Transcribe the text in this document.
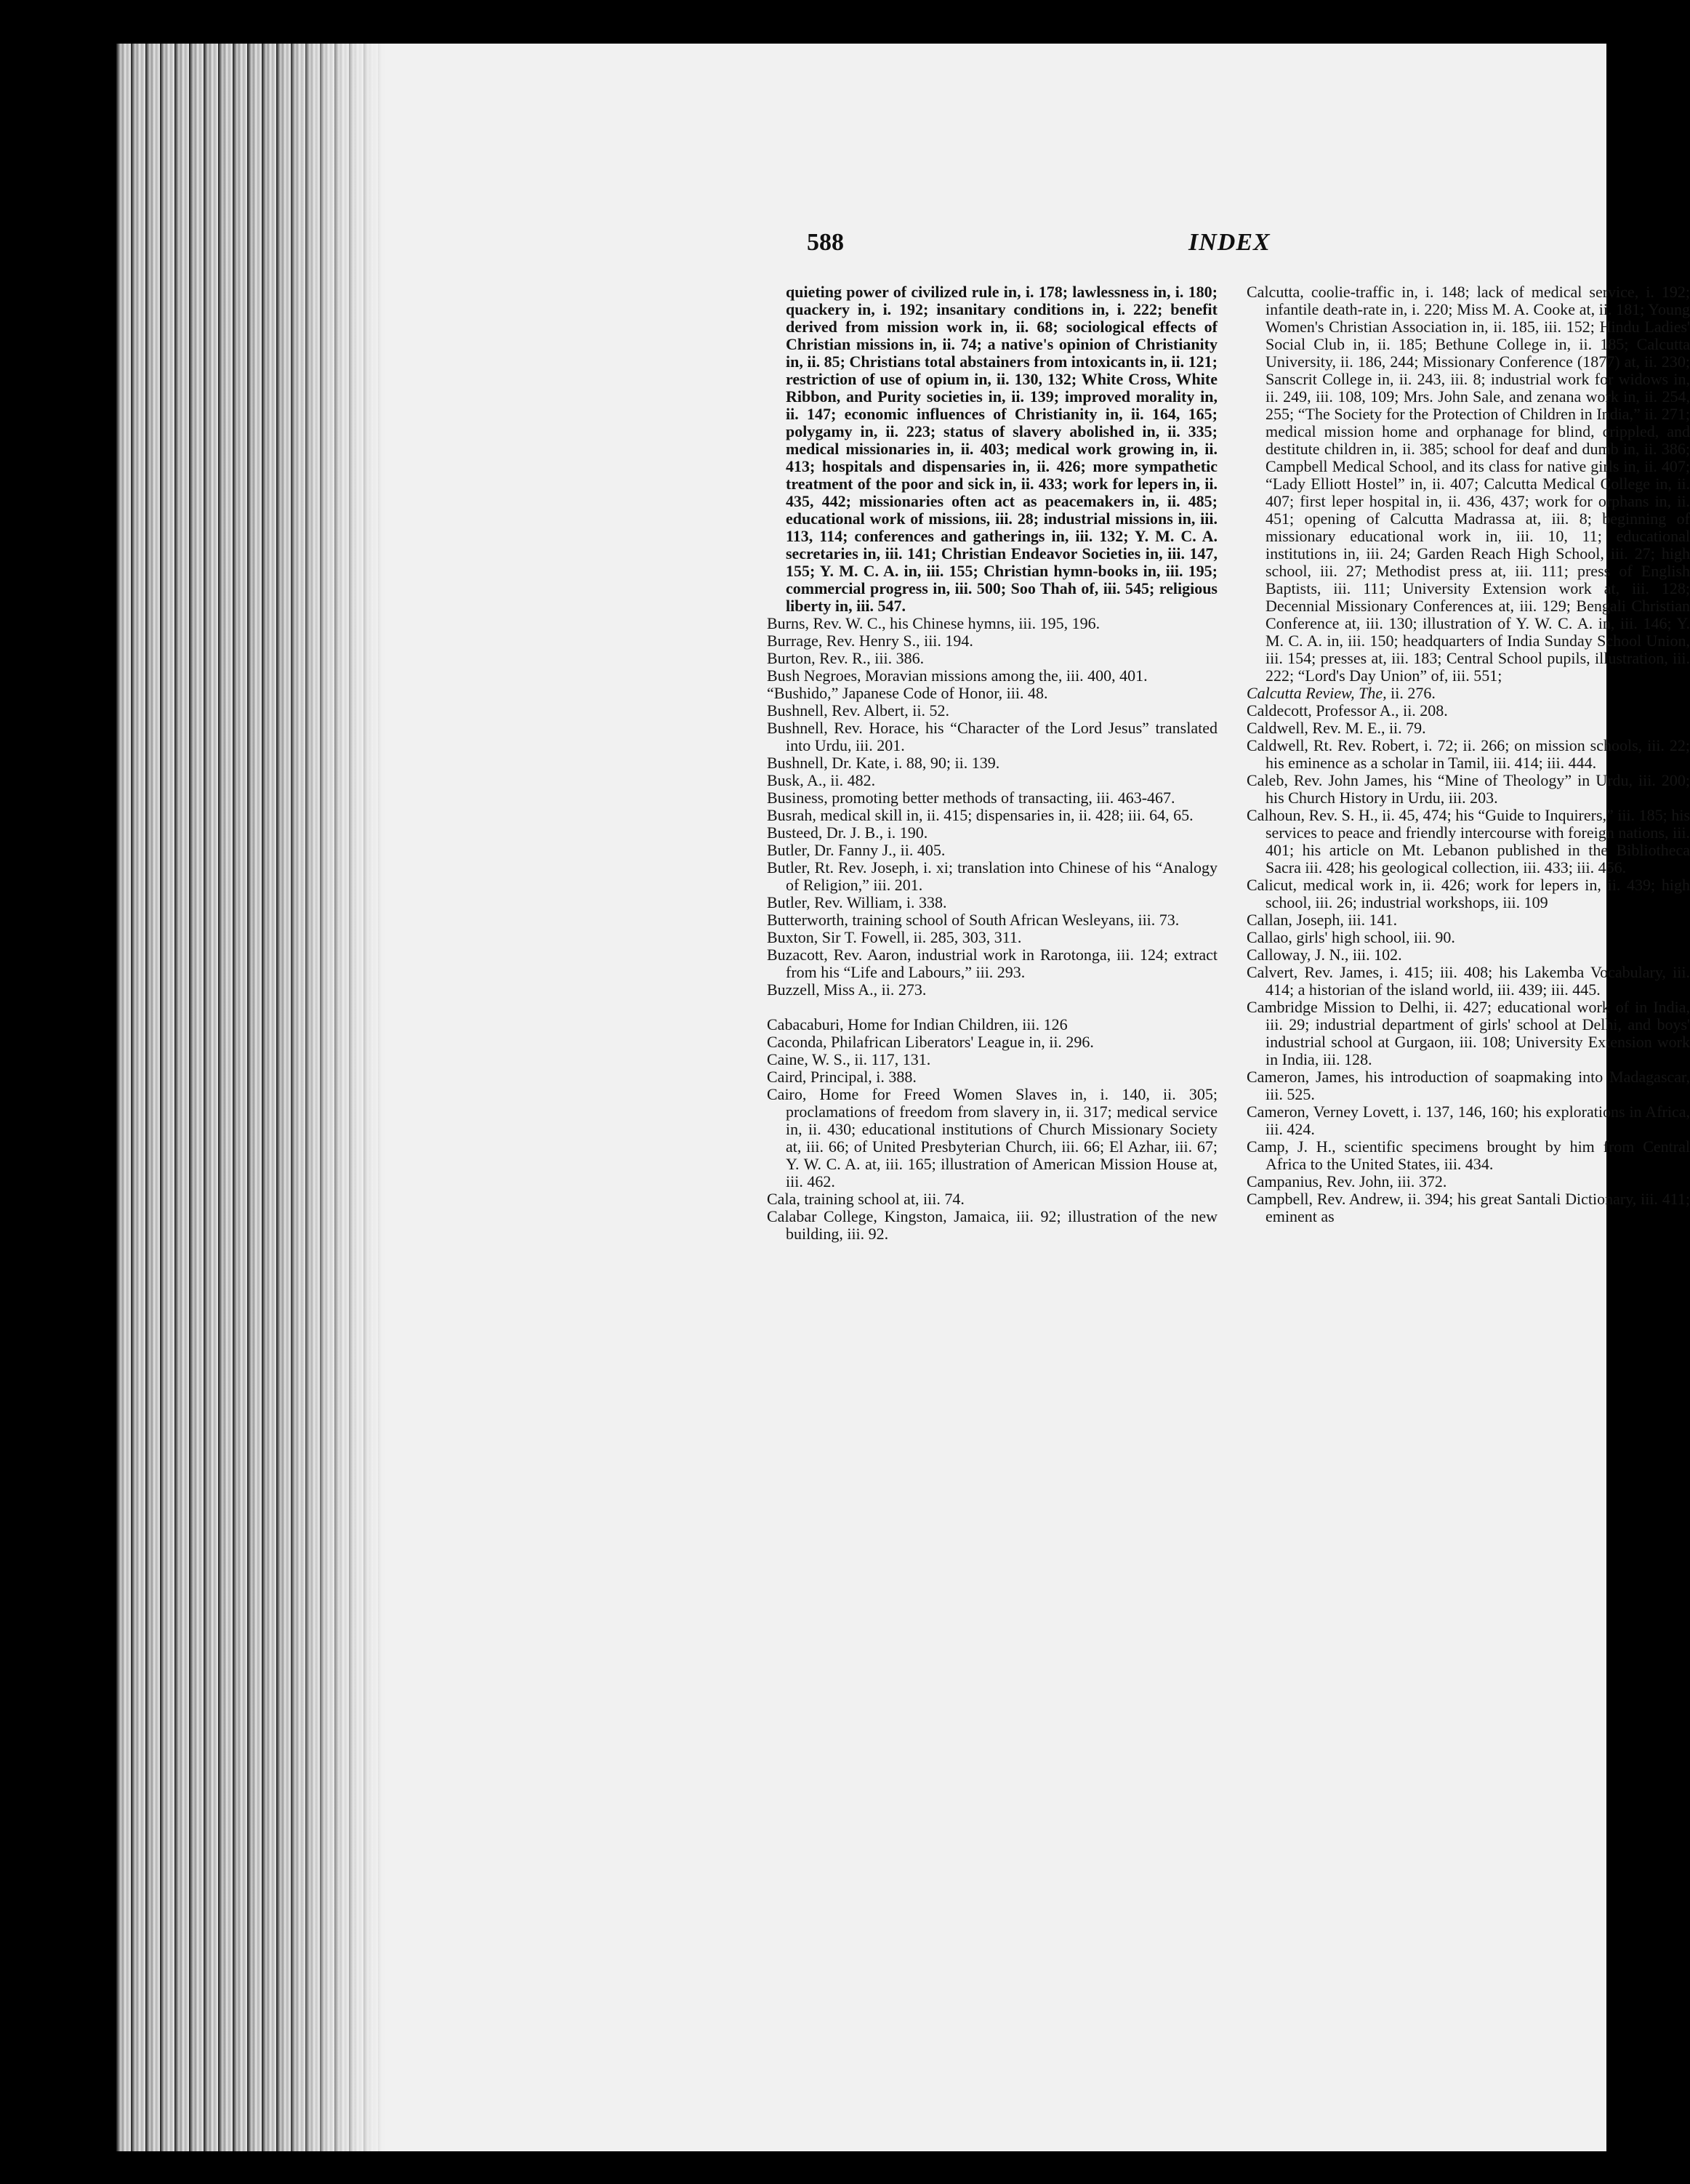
588	INDEX

quieting power of civilized rule in, i. 178; lawlessness in, i. 180; quackery in, i. 192; insanitary conditions in, i. 222; benefit derived from mission work in, ii. 68; sociological effects of Christian missions in, ii. 74; a native's opinion of Christianity in, ii. 85; Christians total abstainers from intoxicants in, ii. 121; restriction of use of opium in, ii. 130, 132; White Cross, White Ribbon, and Purity societies in, ii. 139; improved morality in, ii. 147; economic influences of Christianity in, ii. 164, 165; polygamy in, ii. 223; status of slavery abolished in, ii. 335; medical missionaries in, ii. 403; medical work growing in, ii. 413; hospitals and dispensaries in, ii. 426; more sympathetic treatment of the poor and sick in, ii. 433; work for lepers in, ii. 435, 442; missionaries often act as peacemakers in, ii. 485; educational work of missions, iii. 28; industrial missions in, iii. 113, 114; conferences and gatherings in, iii. 132; Y. M. C. A. secretaries in, iii. 141; Christian Endeavor Societies in, iii. 147, 155; Y. M. C. A. in, iii. 155; Christian hymn-books in, iii. 195; commercial progress in, iii. 500; Soo Thah of, iii. 545; religious liberty in, iii. 547.

Burns, Rev. W. C., his Chinese hymns, iii. 195, 196.

Burrage, Rev. Henry S., iii. 194.

Burton, Rev. R., iii. 386.

Bush Negroes, Moravian missions among the, iii. 400, 401.

“Bushido,” Japanese Code of Honor, iii. 48.

Bushnell, Rev. Albert, ii. 52.

Bushnell, Rev. Horace, his “Character of the Lord Jesus” translated into Urdu, iii. 201.

Bushnell, Dr. Kate, i. 88, 90; ii. 139.

Busk, A., ii. 482.

Business, promoting better methods of transacting, iii. 463-467.

Busrah, medical skill in, ii. 415; dispensaries in, ii. 428; iii. 64, 65.

Busteed, Dr. J. B., i. 190.

Butler, Dr. Fanny J., ii. 405.

Butler, Rt. Rev. Joseph, i. xi; translation into Chinese of his “Analogy of Religion,” iii. 201.

Butler, Rev. William, i. 338.

Butterworth, training school of South African Wesleyans, iii. 73.

Buxton, Sir T. Fowell, ii. 285, 303, 311.

Buzacott, Rev. Aaron, industrial work in Rarotonga, iii. 124; extract from his “Life and Labours,” iii. 293.

Buzzell, Miss A., ii. 273.

Cabacaburi, Home for Indian Children, iii. 126

Caconda, Philafrican Liberators' League in, ii. 296.

Caine, W. S., ii. 117, 131.

Caird, Principal, i. 388.

Cairo, Home for Freed Women Slaves in, i. 140, ii. 305; proclamations of freedom from slavery in, ii. 317; medical service in, ii. 430; educational institutions of Church Missionary Society at, iii. 66; of United Presbyterian Church, iii. 66; El Azhar, iii. 67; Y. W. C. A. at, iii. 165; illustration of American Mission House at, iii. 462.

Cala, training school at, iii. 74.

Calabar College, Kingston, Jamaica, iii. 92; illustration of the new building, iii. 92.

Calcutta, coolie-traffic in, i. 148; lack of medical service, i. 192; infantile death-rate in, i. 220; Miss M. A. Cooke at, ii. 181; Young Women's Christian Association in, ii. 185, iii. 152; Hindu Ladies' Social Club in, ii. 185; Bethune College in, ii. 185; Calcutta University, ii. 186, 244; Missionary Conference (1877) at, ii. 230; Sanscrit College in, ii. 243, iii. 8; industrial work for widows in, ii. 249, iii. 108, 109; Mrs. John Sale, and zenana work in, ii. 254, 255; “The Society for the Protection of Children in India,” ii. 271; medical mission home and orphanage for blind, crippled, and destitute children in, ii. 385; school for deaf and dumb in, ii. 386; Campbell Medical School, and its class for native girls in, ii. 407; “Lady Elliott Hostel” in, ii. 407; Calcutta Medical College in, ii. 407; first leper hospital in, ii. 436, 437; work for orphans in, ii. 451; opening of Calcutta Madrassa at, iii. 8; beginning of missionary educational work in, iii. 10, 11; educational institutions in, iii. 24; Garden Reach High School, iii. 27; high school, iii. 27; Methodist press at, iii. 111; press of English Baptists, iii. 111; University Extension work at, iii. 128; Decennial Missionary Conferences at, iii. 129; Bengali Christian Conference at, iii. 130; illustration of Y. W. C. A. in, iii. 146; Y. M. C. A. in, iii. 150; headquarters of India Sunday School Union, iii. 154; presses at, iii. 183; Central School pupils, illustration, iii. 222; “Lord's Day Union” of, iii. 551;

Calcutta Review, The, ii. 276.

Caldecott, Professor A., ii. 208.

Caldwell, Rev. M. E., ii. 79.

Caldwell, Rt. Rev. Robert, i. 72; ii. 266; on mission schools, iii. 22; his eminence as a scholar in Tamil, iii. 414; iii. 444.

Caleb, Rev. John James, his “Mine of Theology” in Urdu, iii. 200; his Church History in Urdu, iii. 203.

Calhoun, Rev. S. H., ii. 45, 474; his “Guide to Inquirers,” iii. 185; his services to peace and friendly intercourse with foreign nations, iii. 401; his article on Mt. Lebanon published in the Bibliotheca Sacra iii. 428; his geological collection, iii. 433; iii. 456.

Calicut, medical work in, ii. 426; work for lepers in, ii. 439; high school, iii. 26; industrial workshops, iii. 109

Callan, Joseph, iii. 141.

Callao, girls' high school, iii. 90.

Calloway, J. N., iii. 102.

Calvert, Rev. James, i. 415; iii. 408; his Lakemba Vocabulary, iii. 414; a historian of the island world, iii. 439; iii. 445.

Cambridge Mission to Delhi, ii. 427; educational work of in India, iii. 29; industrial department of girls' school at Delhi, and boys' industrial school at Gurgaon, iii. 108; University Extension work in India, iii. 128.

Cameron, James, his introduction of soapmaking into Madagascar, iii. 525.

Cameron, Verney Lovett, i. 137, 146, 160; his explorations in Africa, iii. 424.

Camp, J. H., scientific specimens brought by him from Central Africa to the United States, iii. 434.

Campanius, Rev. John, iii. 372.

Campbell, Rev. Andrew, ii. 394; his great Santali Dictionary, iii. 411; eminent as
